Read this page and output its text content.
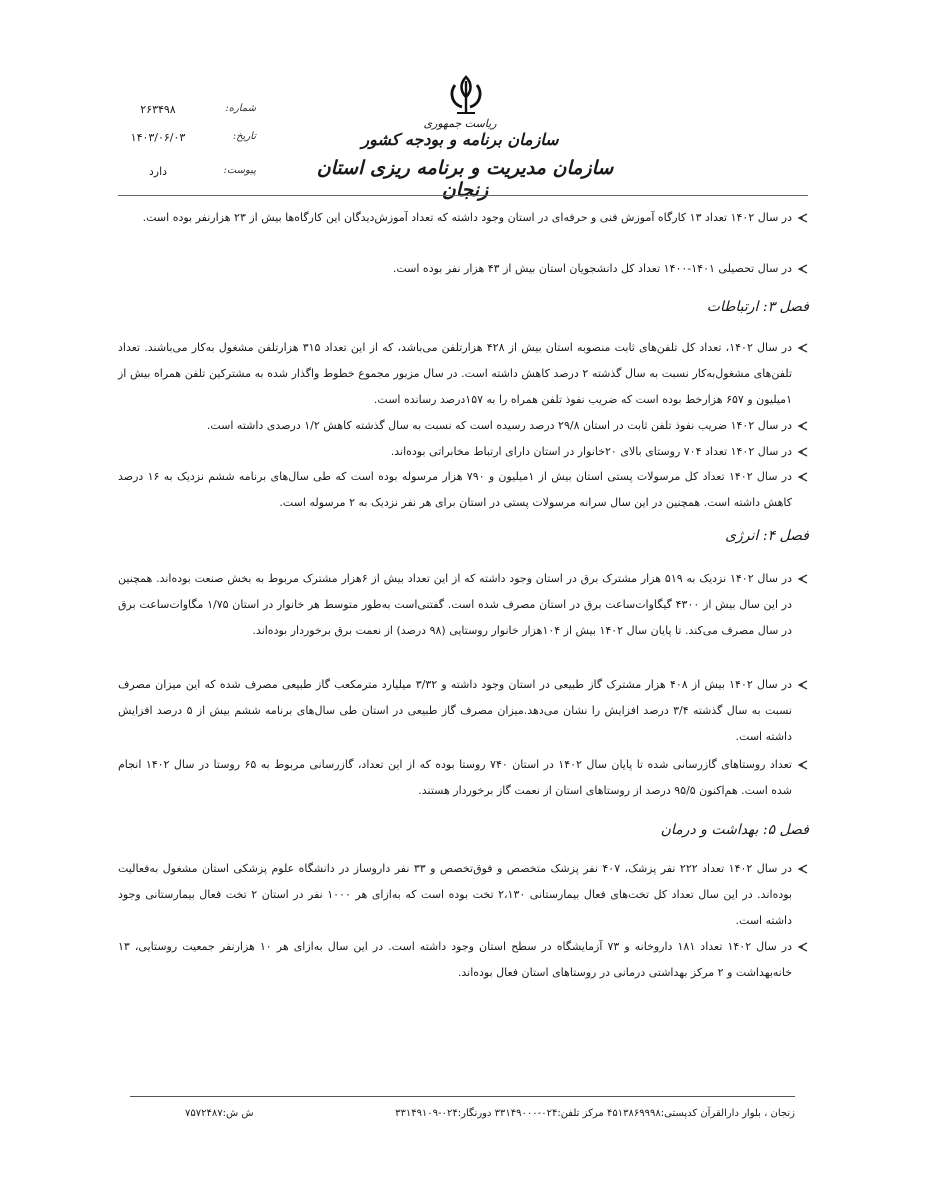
ریاست جمهوری
سازمان برنامه و بودجه کشور
سازمان مدیریت و برنامه ریزی استان زنجان
شماره:
۲۶۳۴۹۸
تاریخ:
۱۴۰۳/۰۶/۰۳
پیوست:
دارد
در سال ۱۴۰۲ تعداد ۱۳ کارگاه آموزش فنی و حرفه‌ای در استان وجود داشته که تعداد آموزش‌دیدگان این کارگاه‌ها بیش از ۲۳ هزارنفر بوده است.
در سال تحصیلی ۱۴۰۱-۱۴۰۰ تعداد کل دانشجویان استان بیش از ۴۳ هزار نفر بوده است.
فصل ۳: ارتباطات
در سال ۱۴۰۲، تعداد کل تلفن‌های ثابت منصوبه استان بیش از ۴۲۸ هزارتلفن می‌باشد، که از این تعداد ۳۱۵ هزارتلفن مشغول به‌کار می‌باشند. تعداد تلفن‌های مشغول‌به‌کار نسبت به سال گذشته ۲ درصد کاهش داشته است. در سال مزبور مجموع خطوط واگذار شده به مشترکین تلفن همراه بیش از ۱میلیون و ۶۵۷ هزارخط بوده است که ضریب نفوذ تلفن همراه را به ۱۵۷درصد رسانده است.
در سال ۱۴۰۲ ضریب نفوذ تلفن ثابت در استان ۲۹/۸ درصد رسیده است که نسبت به سال گذشته کاهش ۱/۲ درصدی داشته است.
در سال ۱۴۰۲ تعداد ۷۰۴ روستای بالای ۲۰خانوار در استان دارای ارتباط مخابراتی بوده‌اند.
در سال ۱۴۰۲ تعداد کل مرسولات پستی استان بیش از ۱میلیون و ۷۹۰ هزار مرسوله بوده است که طی سال‌های برنامه ششم نزدیک به ۱۶ درصد کاهش داشته است. همچنین در این سال سرانه مرسولات پستی در استان برای هر نفر نزدیک به ۲ مرسوله است.
فصل ۴: انرژی
در سال ۱۴۰۲ نزدیک به ۵۱۹ هزار مشترک برق در استان وجود داشته که از این تعداد بیش از ۶هزار مشترک مربوط به بخش صنعت بوده‌اند. همچنین در این سال بیش از ۴۳۰۰ گیگاوات‌ساعت برق در استان مصرف شده است. گفتنی‌است به‌طور متوسط هر خانوار در استان ۱/۷۵ مگاوات‌ساعت برق در سال مصرف می‌کند. تا پایان سال ۱۴۰۲ بیش از ۱۰۴هزار خانوار روستایی (۹۸ درصد) از نعمت برق برخوردار بوده‌اند.
در سال ۱۴۰۲ بیش از ۴۰۸ هزار مشترک گاز طبیعی در استان وجود داشته و ۳/۳۲ میلیارد مترمکعب گاز طبیعی مصرف شده که این میزان مصرف نسبت به سال گذشته ۳/۴ درصد افزایش را نشان می‌دهد.میزان مصرف گاز طبیعی در استان طی سال‌های برنامه ششم بیش از ۵ درصد افزایش داشته است.
تعداد روستاهای گازرسانی شده تا پایان سال ۱۴۰۲ در استان ۷۴۰ روستا بوده که از این تعداد، گازرسانی مربوط به ۶۵ روستا در سال ۱۴۰۲ انجام شده است. هم‌اکنون ۹۵/۵ درصد از روستاهای استان از نعمت گاز برخوردار هستند.
فصل ۵: بهداشت و درمان
در سال ۱۴۰۲ تعداد ۲۲۲ نفر پزشک، ۴۰۷ نفر پزشک متخصص و فوق‌تخصص و ۳۳ نفر داروساز در دانشگاه علوم پزشکی استان مشغول به‌فعالیت بوده‌اند. در این سال تعداد کل تخت‌های فعال بیمارستانی ۲،۱۳۰ تخت بوده است که به‌ازای هر ۱۰۰۰ نفر در استان ۲ تخت فعال بیمارستانی وجود داشته است.
در سال ۱۴۰۲ تعداد ۱۸۱ داروخانه و ۷۳ آزمایشگاه در سطح استان وجود داشته است. در این سال به‌ازای هر ۱۰ هزارنفر جمعیت روستایی، ۱۳ خانه‌بهداشت و ۲ مرکز بهداشتی درمانی در روستاهای استان فعال بوده‌اند.
زنجان ، بلوار دارالقرآن کدپستی:۴۵۱۳۸۶۹۹۹۸ مرکز تلفن:۰۲۴-۳۳۱۴۹۰۰۰ دورنگار:۰۲۴-۳۳۱۴۹۱۰۹
ش ش:۷۵۷۲۴۸۷
